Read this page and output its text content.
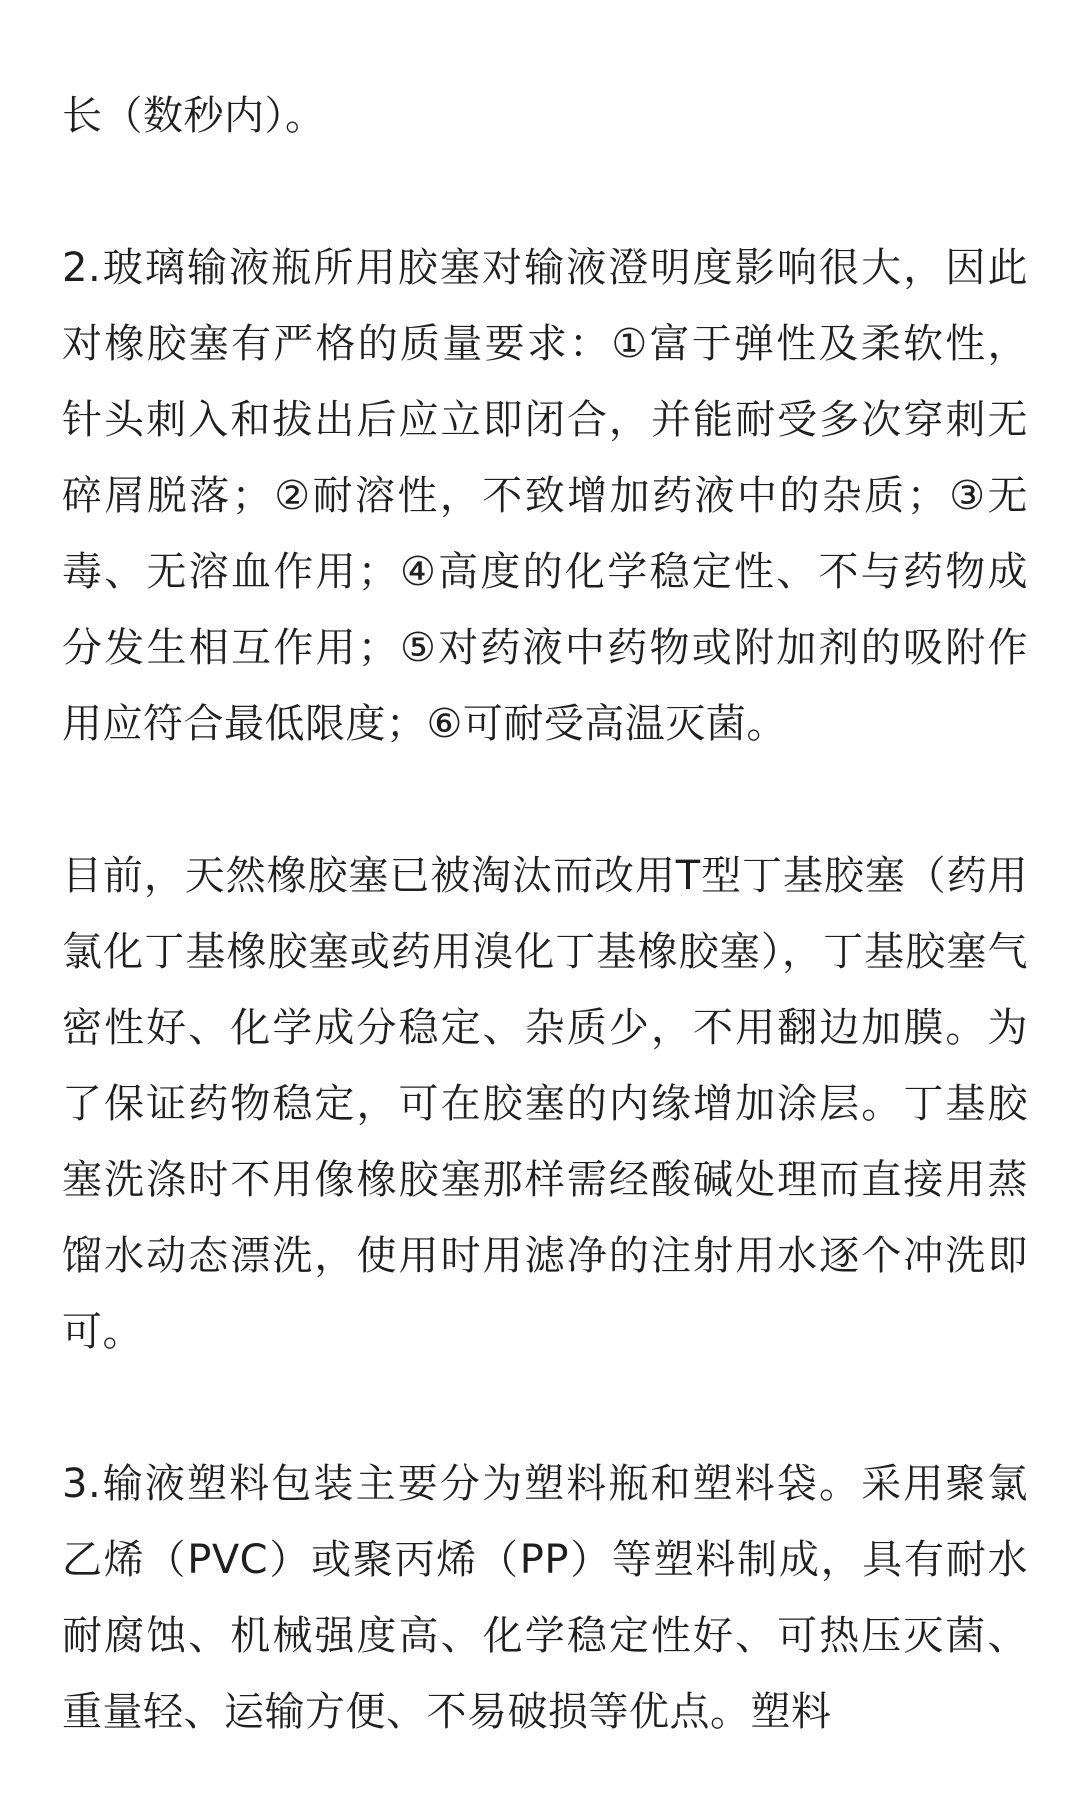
长（数秒内）。

2.玻璃输液瓶所用胶塞对输液澄明度影响很大，因此对橡胶塞有严格的质量要求：①富于弹性及柔软性，针头刺入和拔出后应立即闭合，并能耐受多次穿刺无碎屑脱落；②耐溶性，不致增加药液中的杂质；③无毒、无溶血作用；④高度的化学稳定性、不与药物成分发生相互作用；⑤对药液中药物或附加剂的吸附作用应符合最低限度；⑥可耐受高温灭菌。

目前，天然橡胶塞已被淘汰而改用T型丁基胶塞（药用氯化丁基橡胶塞或药用溴化丁基橡胶塞），丁基胶塞气密性好、化学成分稳定、杂质少，不用翻边加膜。为了保证药物稳定，可在胶塞的内缘增加涂层。丁基胶塞洗涤时不用像橡胶塞那样需经酸碱处理而直接用蒸馏水动态漂洗，使用时用滤净的注射用水逐个冲洗即可。

3.输液塑料包装主要分为塑料瓶和塑料袋。采用聚氯乙烯（PVC）或聚丙烯（PP）等塑料制成，具有耐水耐腐蚀、机械强度高、化学稳定性好、可热压灭菌、重量轻、运输方便、不易破损等优点。塑料
